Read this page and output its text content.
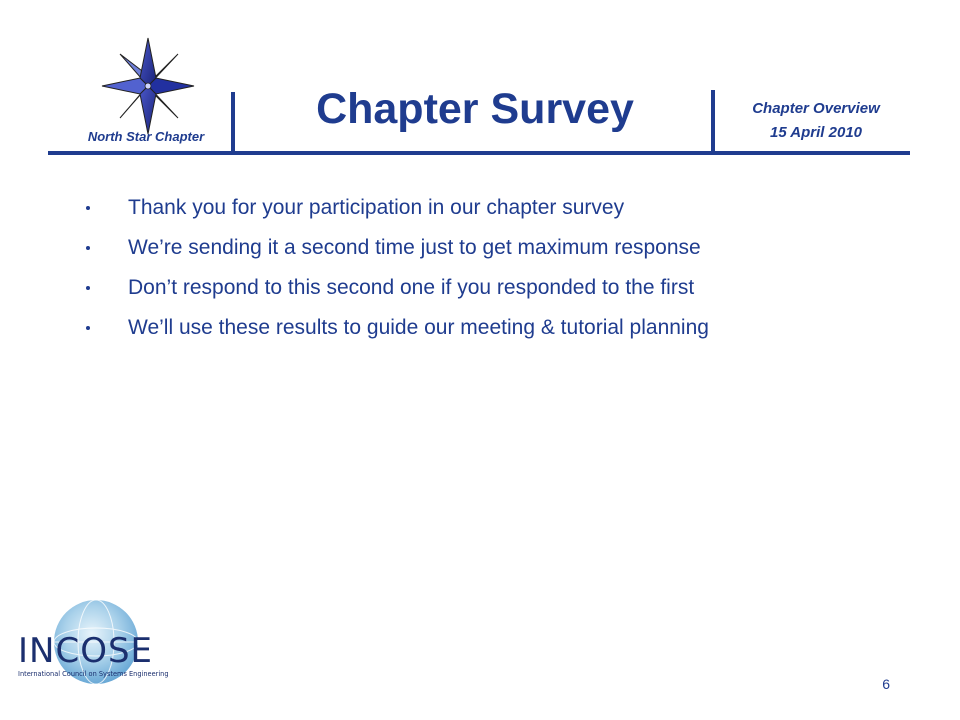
North Star Chapter
Chapter Survey	Chapter Overview
15 April 2010
Thank you for your participation in our chapter survey
We’re sending it a second time just to get maximum response
Don’t respond to this second one if you responded to the first
We’ll use these results to guide our meeting & tutorial planning
INCOSE
International Council on Systems Engineering
6
